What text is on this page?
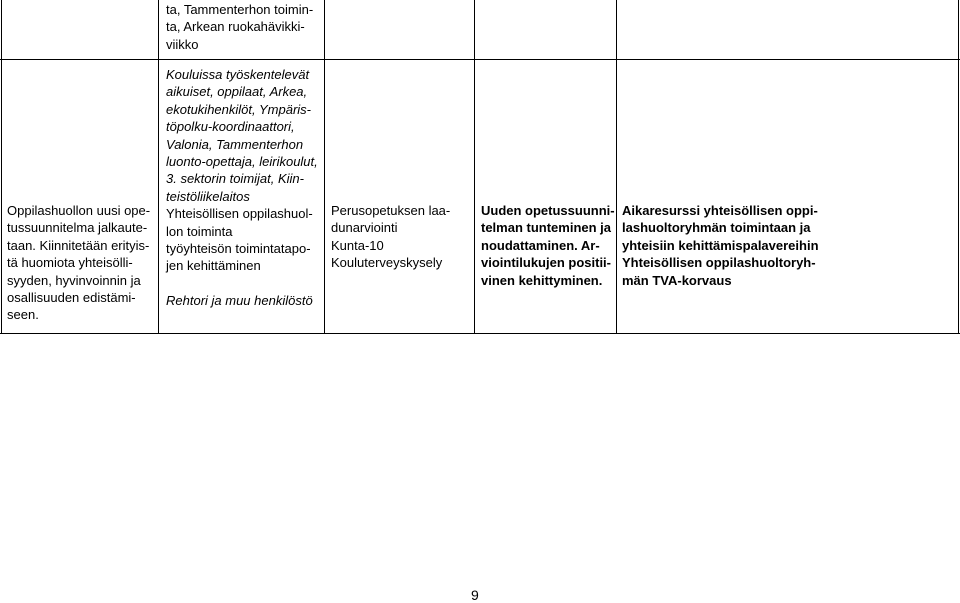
ta, Tammenterhon toimin-
ta, Arkean ruokahävikki-
viikko
Oppilashuollon uusi ope-
tussuunnitelma jalkaute-
taan. Kiinnitetään erityis-
tä huomiota yhteisölli-
syyden, hyvinvoinnin ja
osallisuuden edistämi-
seen.
Kouluissa työskentelevät
aikuiset, oppilaat, Arkea,
ekotukihenkilöt, Ympäris-
töpolku-koordinaattori,
Valonia, Tammenterhon
luonto-opettaja, leirikoulut,
3. sektorin toimijat, Kiin-
teistöliikelaitos
Yhteisöllisen oppilashuol-
lon toiminta
työyhteisön toimintatapo-
jen kehittäminen
Rehtori ja muu henkilöstö
Perusopetuksen laa-
dunarviointi
Kunta-10
Kouluterveyskysely
Uuden opetussuunni-
telman tunteminen ja
noudattaminen. Ar-
viointilukujen positii-
vinen kehittyminen.
Aikaresurssi yhteisöllisen oppi-
lashuoltoryhmän toimintaan ja
yhteisiin kehittämispalavereihin
Yhteisöllisen oppilashuoltoryh-
män TVA-korvaus
9
